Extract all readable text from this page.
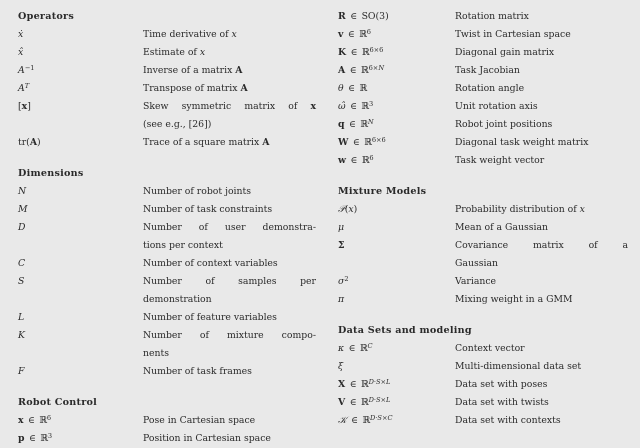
Operators
ẋ	Time derivative of x
x̂	Estimate of x
$A^{-1}$	Inverse of a matrix A
$A^T$	Transpose of matrix A
[x]	Skew symmetric matrix of x
(see e.g., [26])
tr(A)	Trace of a square matrix A
Dimensions
N	Number of robot joints
M	Number of task constraints
D	Number of user demonstra-
tions per context
C	Number of context variables
S	Number of samples per
demonstration
L	Number of feature variables
K	Number of mixture compo-
nents
F	Number of task frames
Robot Control
x ∈ ℝ$^6$	Pose in Cartesian space
p ∈ ℝ$^3$	Position in Cartesian space
R ∈ SO(3)	Rotation matrix
v ∈ ℝ$^6$	Twist in Cartesian space
K ∈ ℝ$^{6\times 6}$	Diagonal gain matrix
A ∈ ℝ$^{6\times N}$	Task Jacobian
θ ∈ ℝ	Rotation angle
ω̂ ∈ ℝ$^3$	Unit rotation axis
q ∈ ℝ$^N$	Robot joint positions
W ∈ ℝ$^{6\times 6}$	Diagonal task weight matrix
w ∈ ℝ$^6$	Task weight vector
Mixture Models
𝒫(x)	Probability distribution of x
μ	Mean of a Gaussian
Σ	Covariance matrix of a
Gaussian
$\sigma^2$	Variance
π	Mixing weight in a GMM
Data Sets and modeling
κ ∈ ℝ$^C$	Context vector
ξ	Multi-dimensional data set
X ∈ ℝ$^{D\cdot S\times L}$	Data set with poses
V ∈ ℝ$^{D\cdot S\times L}$	Data set with twists
𝒦 ∈ ℝ$^{D\cdot S\times C}$	Data set with contexts
